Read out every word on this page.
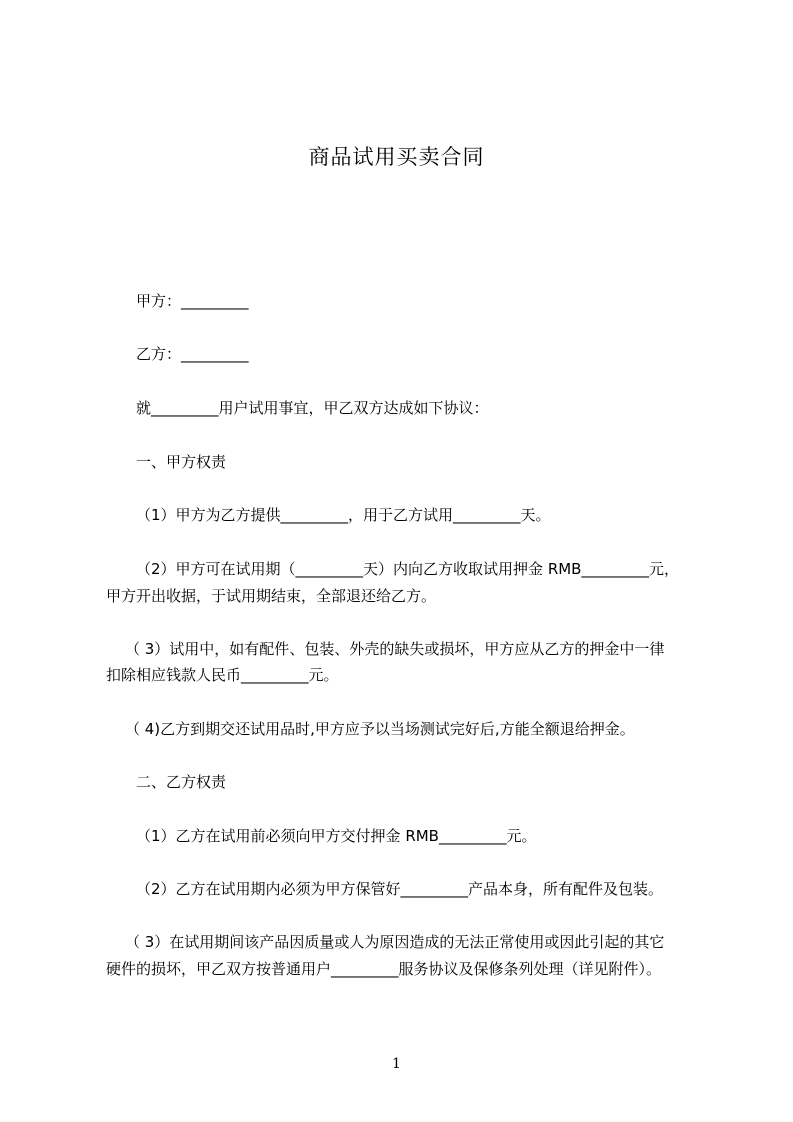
商品试用买卖合同
甲方：_________
乙方：_________
就_________用户试用事宜，甲乙双方达成如下协议：
一、甲方权责
（1）甲方为乙方提供_________，用于乙方试用_________天。
（2）甲方可在试用期（_________天）内向乙方收取试用押金 RMB_________元，
甲方开出收据，于试用期结束，全部退还给乙方。
（ 3）试用中，如有配件、包装、外壳的缺失或损坏，甲方应从乙方的押金中一律
扣除相应钱款人民币_________元。
（ 4)乙方到期交还试用品时,甲方应予以当场测试完好后,方能全额退给押金。
二、乙方权责
（1）乙方在试用前必须向甲方交付押金 RMB_________元。
（2）乙方在试用期内必须为甲方保管好_________产品本身，所有配件及包装。
（ 3）在试用期间该产品因质量或人为原因造成的无法正常使用或因此引起的其它
硬件的损坏，甲乙双方按普通用户_________服务协议及保修条列处理（详见附件）。
1
